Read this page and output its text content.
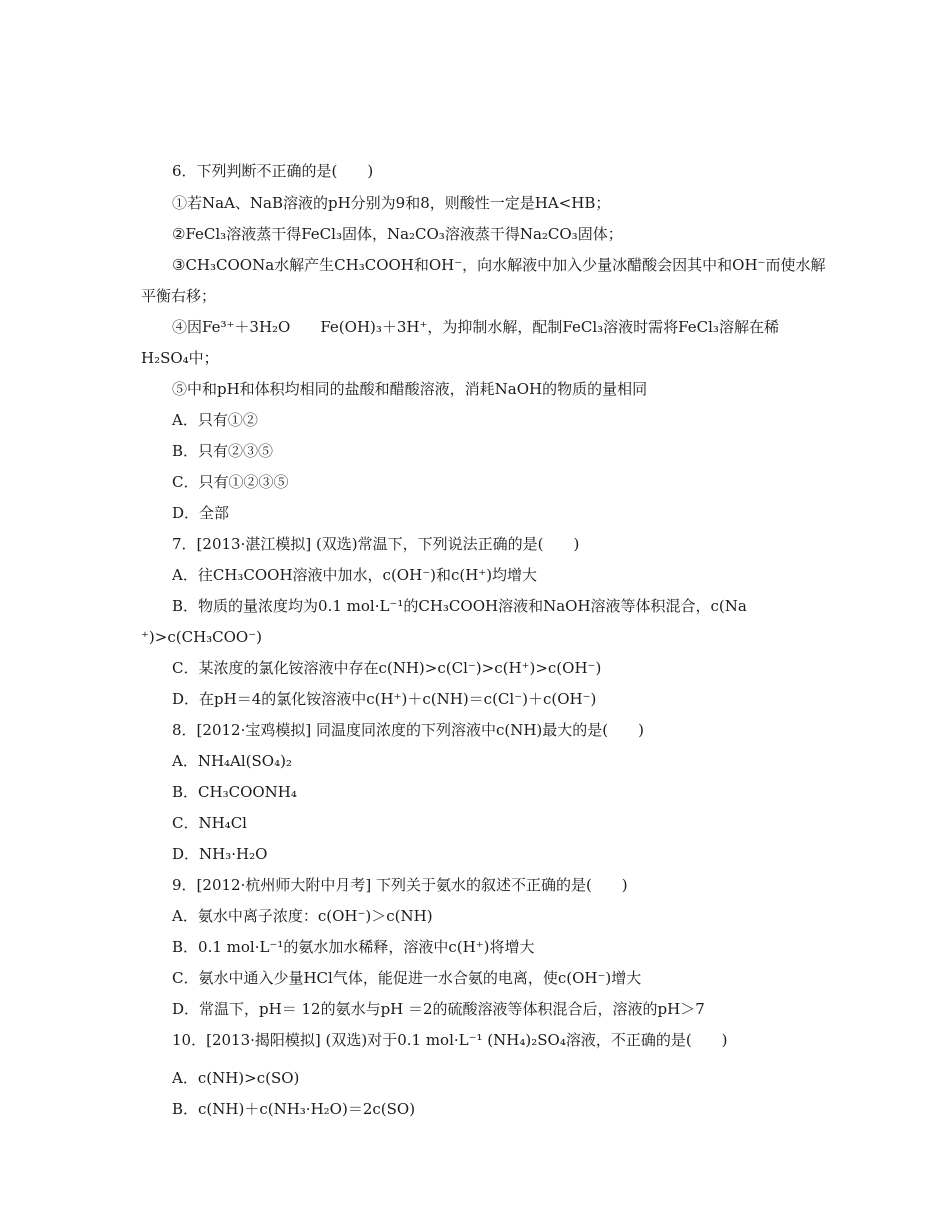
6．下列判断不正确的是(　　)
①若NaA、NaB溶液的pH分别为9和8，则酸性一定是HA<HB；
②FeCl₃溶液蒸干得FeCl₃固体，Na₂CO₃溶液蒸干得Na₂CO₃固体；
③CH₃COONa水解产生CH₃COOH和OH⁻，向水解液中加入少量冰醋酸会因其中和OH⁻而使水解
平衡右移；
④因Fe³⁺＋3H₂O　　Fe(OH)₃＋3H⁺，为抑制水解，配制FeCl₃溶液时需将FeCl₃溶解在稀
H₂SO₄中；
⑤中和pH和体积均相同的盐酸和醋酸溶液，消耗NaOH的物质的量相同
A．只有①②
B．只有②③⑤
C．只有①②③⑤
D．全部
7．[2013·湛江模拟] (双选)常温下，下列说法正确的是(　　)
A．往CH₃COOH溶液中加水，c(OH⁻)和c(H⁺)均增大
B．物质的量浓度均为0.1 mol·L⁻¹的CH₃COOH溶液和NaOH溶液等体积混合，c(Na
⁺)>c(CH₃COO⁻)
C．某浓度的氯化铵溶液中存在c(NH)>c(Cl⁻)>c(H⁺)>c(OH⁻)
D．在pH＝4的氯化铵溶液中c(H⁺)＋c(NH)＝c(Cl⁻)＋c(OH⁻)
8．[2012·宝鸡模拟] 同温度同浓度的下列溶液中c(NH)最大的是(　　)
A．NH₄Al(SO₄)₂
B．CH₃COONH₄
C．NH₄Cl
D．NH₃·H₂O
9．[2012·杭州师大附中月考] 下列关于氨水的叙述不正确的是(　　)
A．氨水中离子浓度：c(OH⁻)＞c(NH)
B．0.1 mol·L⁻¹的氨水加水稀释，溶液中c(H⁺)将增大
C．氨水中通入少量HCl气体，能促进一水合氨的电离，使c(OH⁻)增大
D．常温下，pH＝ 12的氨水与pH ＝2的硫酸溶液等体积混合后，溶液的pH＞7
10．[2013·揭阳模拟] (双选)对于0.1 mol·L⁻¹ (NH₄)₂SO₄溶液，不正确的是(　　)
A．c(NH)>c(SO)
B．c(NH)＋c(NH₃·H₂O)＝2c(SO)
